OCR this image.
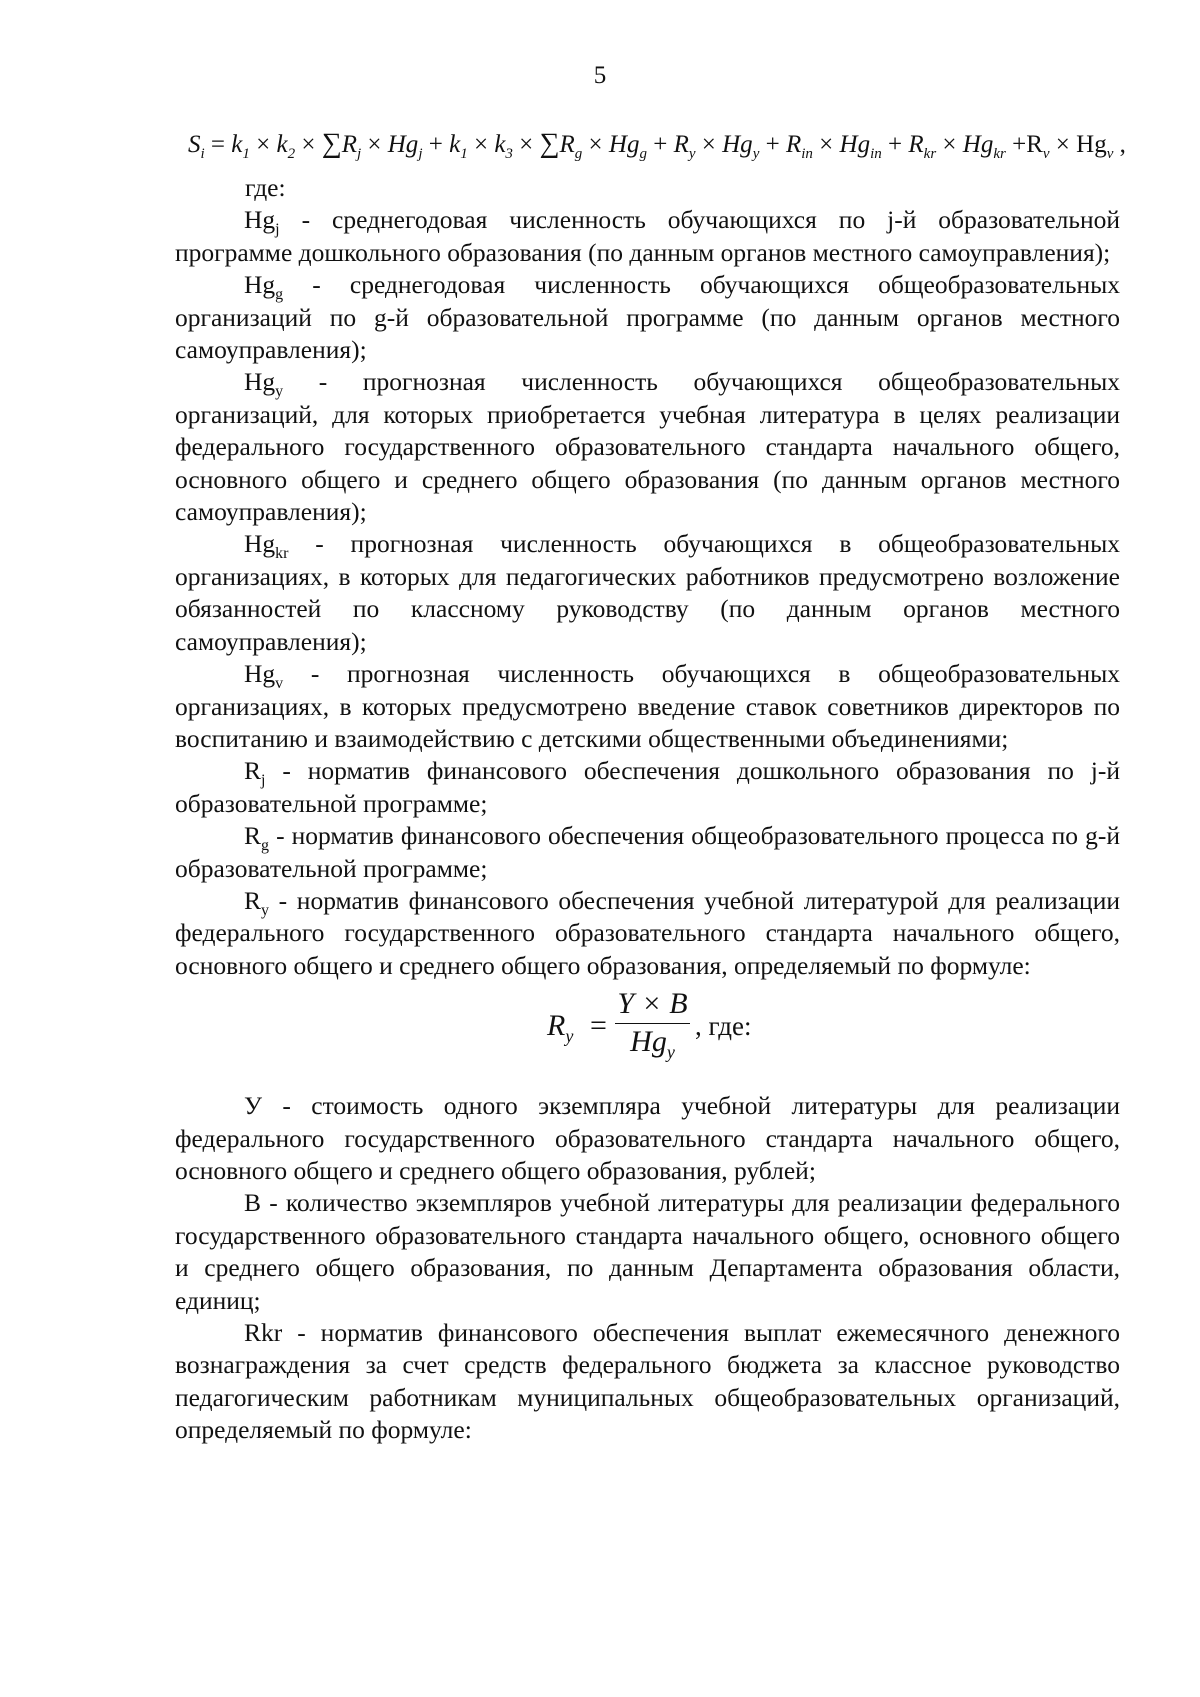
5
$S_i = k_1 \times k_2 \times \sum R_j \times Hg_j + k_1 \times k_3 \times \sum R_g \times Hg_g + R_y \times Hg_y + R_{in} \times Hg_{in} + R_{kr} \times Hg_{kr} +R_v \times Hg_v$ ,

где:

$Hg_j$ - среднегодовая численность обучающихся по j-й образовательной программе дошкольного образования (по данным органов местного самоуправления);

$Hg_g$ - среднегодовая численность обучающихся общеобразовательных организаций по g-й образовательной программе (по данным органов местного самоуправления);

$Hg_y$ - прогнозная численность обучающихся общеобразовательных организаций, для которых приобретается учебная литература в целях реализации федерального государственного образовательного стандарта начального общего, основного общего и среднего общего образования (по данным органов местного самоуправления);

$Hg_{kr}$ - прогнозная численность обучающихся в общеобразовательных организациях, в которых для педагогических работников предусмотрено возложение обязанностей по классному руководству (по данным органов местного самоуправления);

$Hg_v$ - прогнозная численность обучающихся в общеобразовательных организациях, в которых предусмотрено введение ставок советников директоров по воспитанию и взаимодействию с детскими общественными объединениями;

$R_j$ - норматив финансового обеспечения дошкольного образования по j-й образовательной программе;

$R_g$ - норматив финансового обеспечения общеобразовательного процесса по g-й образовательной программе;

$R_y$ - норматив финансового обеспечения учебной литературой для реализации федерального государственного образовательного стандарта начального общего, основного общего и среднего общего образования, определяемый по формуле:

$R_y$ =
Y × B
$Hg_y$
, где:

У - стоимость одного экземпляра учебной литературы для реализации федерального государственного образовательного стандарта начального общего, основного общего и среднего общего образования, рублей;

В - количество экземпляров учебной литературы для реализации федерального государственного образовательного стандарта начального общего, основного общего и среднего общего образования, по данным Департамента образования области, единиц;

Rkr - норматив финансового обеспечения выплат ежемесячного денежного вознаграждения за счет средств федерального бюджета за классное руководство педагогическим работникам муниципальных общеобразовательных организаций, определяемый по формуле:
